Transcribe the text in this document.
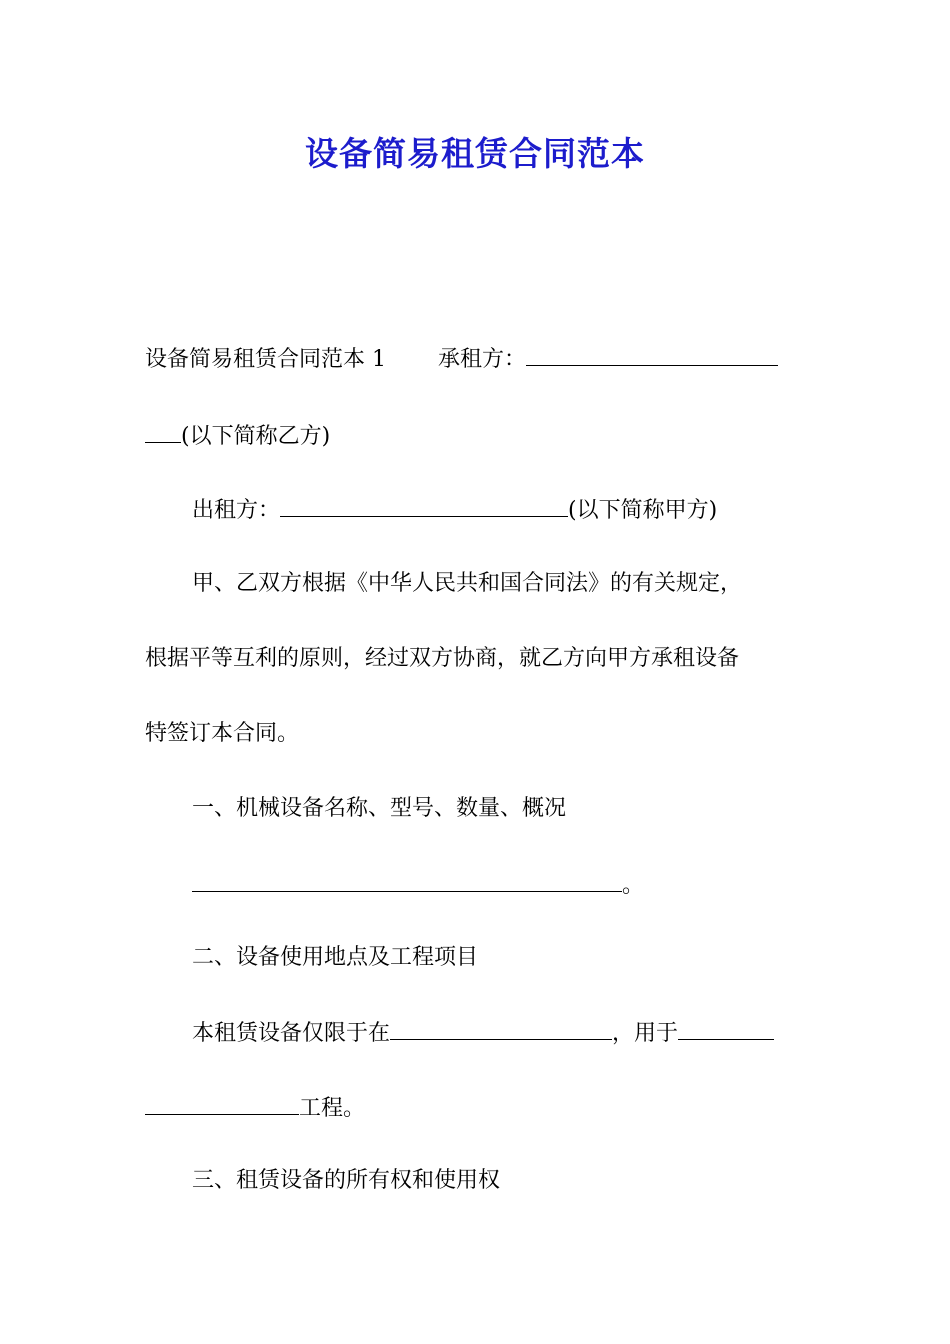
设备简易租赁合同范本
设备简易租赁合同范本 1 承租方：
(以下简称乙方)
出租方：	(以下简称甲方)
甲、乙双方根据《中华人民共和国合同法》的有关规定，
根据平等互利的原则，经过双方协商，就乙方向甲方承租设备
特签订本合同。
一、机械设备名称、型号、数量、概况
。
二、设备使用地点及工程项目
本租赁设备仅限于在	，用于
工程。
三、租赁设备的所有权和使用权
